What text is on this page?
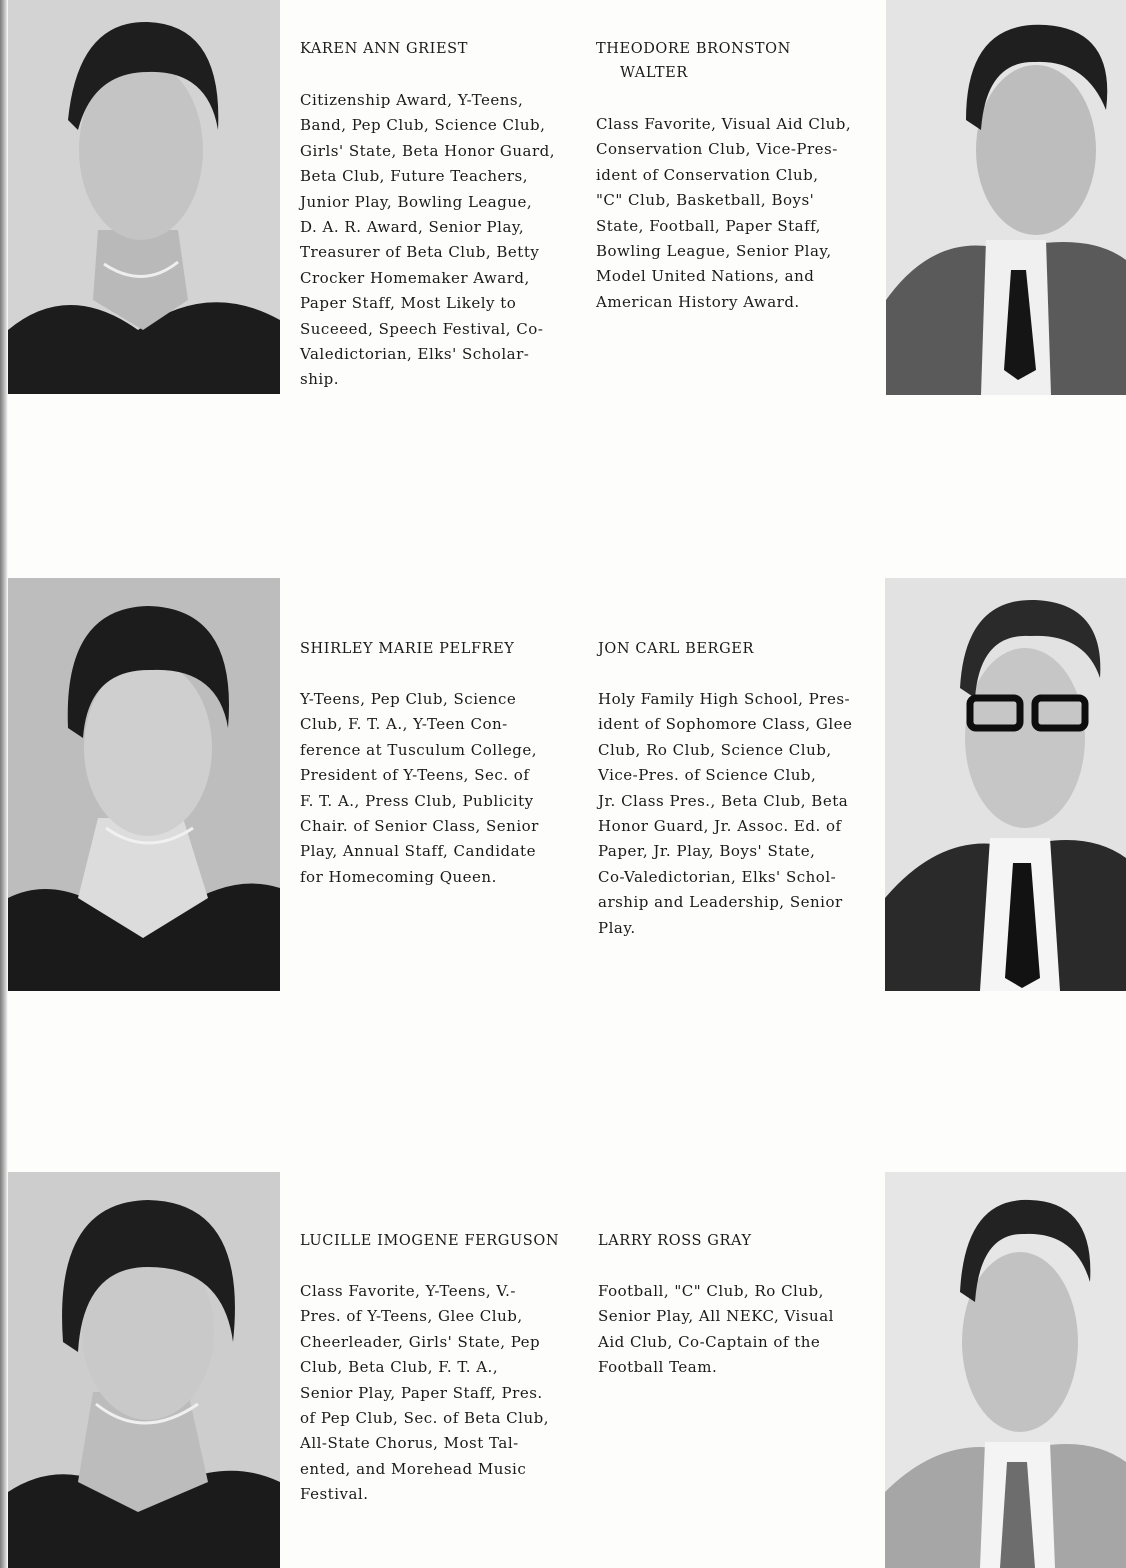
KAREN ANN GRIEST

Citizenship Award, Y-Teens,
Band, Pep Club, Science Club,
Girls' State, Beta Honor Guard,
Beta Club, Future Teachers,
Junior Play, Bowling League,
D. A. R. Award, Senior Play,
Treasurer of Beta Club, Betty
Crocker Homemaker Award,
Paper Staff, Most Likely to
Suceeed, Speech Festival, Co-
Valedictorian, Elks' Scholar-
ship.

THEODORE BRONSTON
WALTER

Class Favorite, Visual Aid Club,
Conservation Club, Vice-Pres-
ident of Conservation Club,
"C" Club, Basketball, Boys'
State, Football, Paper Staff,
Bowling League, Senior Play,
Model United Nations, and
American History Award.

SHIRLEY MARIE PELFREY

Y-Teens, Pep Club, Science
Club, F. T. A., Y-Teen Con-
ference at Tusculum College,
President of Y-Teens, Sec. of
F. T. A., Press Club, Publicity
Chair. of Senior Class, Senior
Play, Annual Staff, Candidate
for Homecoming Queen.

JON CARL BERGER

Holy Family High School, Pres-
ident of Sophomore Class, Glee
Club, Ro Club, Science Club,
Vice-Pres. of Science Club,
Jr. Class Pres., Beta Club, Beta
Honor Guard, Jr. Assoc. Ed. of
Paper, Jr. Play, Boys' State,
Co-Valedictorian, Elks' Schol-
arship and Leadership, Senior
Play.

LUCILLE IMOGENE FERGUSON

Class Favorite, Y-Teens, V.-
Pres. of Y-Teens, Glee Club,
Cheerleader, Girls' State, Pep
Club, Beta Club, F. T. A.,
Senior Play, Paper Staff, Pres.
of Pep Club, Sec. of Beta Club,
All-State Chorus, Most Tal-
ented, and Morehead Music
Festival.

LARRY ROSS GRAY

Football, "C" Club, Ro Club,
Senior Play, All NEKC, Visual
Aid Club, Co-Captain of the
Football Team.
